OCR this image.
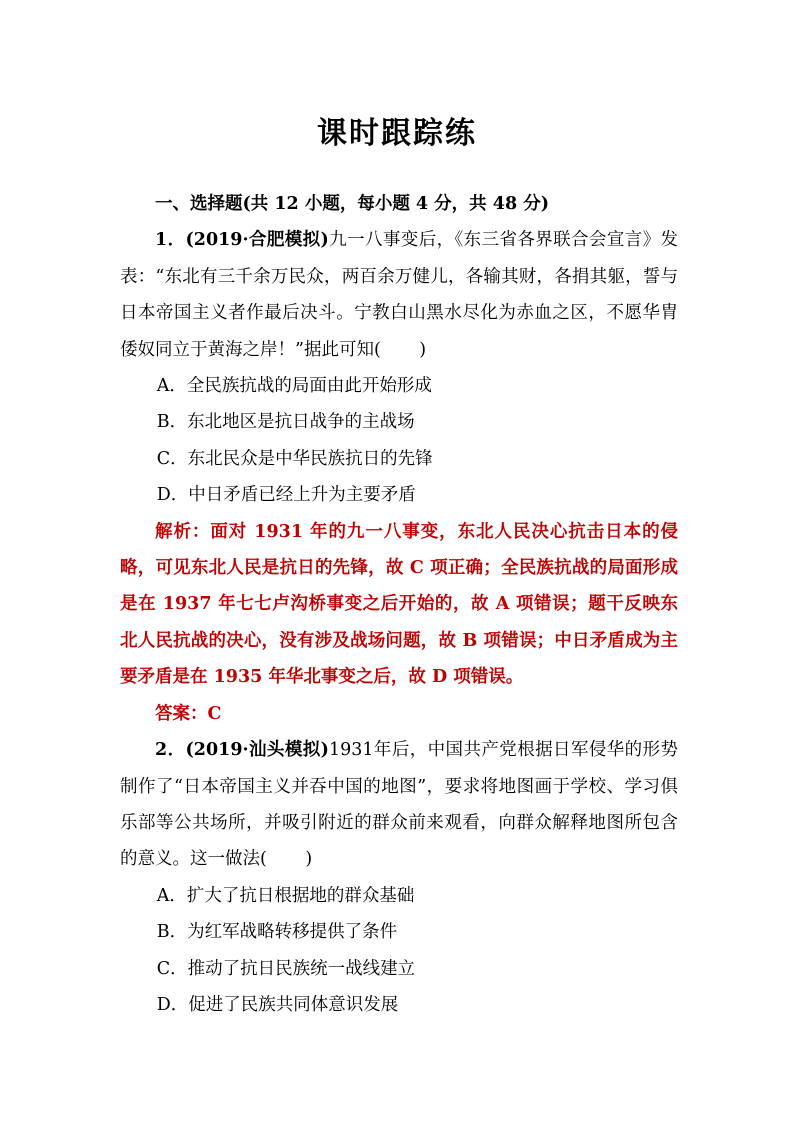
课时跟踪练

一、选择题(共 12 小题，每小题 4 分，共 48 分)

1．(2019·合肥模拟)九一八事变后，《东三省各界联合会宣言》发表：“东北有三千余万民众，两百余万健儿，各输其财，各捐其躯，誓与日本帝国主义者作最后决斗。宁教白山黑水尽化为赤血之区，不愿华胄倭奴同立于黄海之岸！”据此可知( )

A．全民族抗战的局面由此开始形成

B．东北地区是抗日战争的主战场

C．东北民众是中华民族抗日的先锋

D．中日矛盾已经上升为主要矛盾

解析：面对 1931 年的九一八事变，东北人民决心抗击日本的侵略，可见东北人民是抗日的先锋，故 C 项正确；全民族抗战的局面形成是在 1937 年七七卢沟桥事变之后开始的，故 A 项错误；题干反映东北人民抗战的决心，没有涉及战场问题，故 B 项错误；中日矛盾成为主要矛盾是在 1935 年华北事变之后，故 D 项错误。

答案：C

2．(2019·汕头模拟)1931年后，中国共产党根据日军侵华的形势制作了“日本帝国主义并吞中国的地图”，要求将地图画于学校、学习俱乐部等公共场所，并吸引附近的群众前来观看，向群众解释地图所包含的意义。这一做法( )

A．扩大了抗日根据地的群众基础

B．为红军战略转移提供了条件

C．推动了抗日民族统一战线建立

D．促进了民族共同体意识发展
